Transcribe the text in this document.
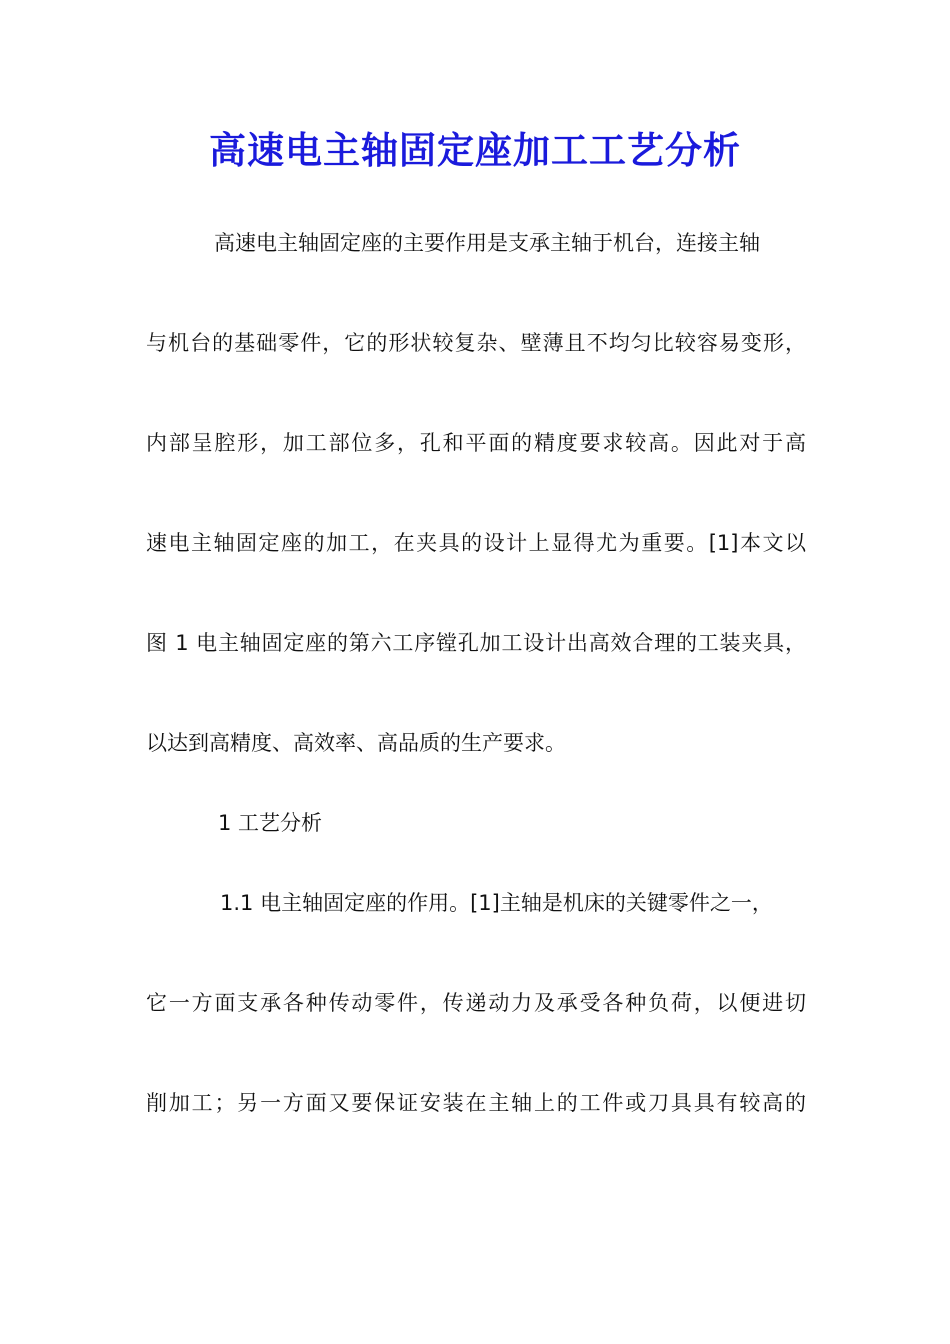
高速电主轴固定座加工工艺分析
高速电主轴固定座的主要作用是支承主轴于机台，连接主轴
与机台的基础零件，它的形状较复杂、壁薄且不均匀比较容易变形，
内部呈腔形，加工部位多，孔和平面的精度要求较高。因此对于高
速电主轴固定座的加工，在夹具的设计上显得尤为重要。[1]本文以
图 1 电主轴固定座的第六工序镗孔加工设计出高效合理的工装夹具，
以达到高精度、高效率、高品质的生产要求。
1 工艺分析
1.1 电主轴固定座的作用。[1]主轴是机床的关键零件之一，
它一方面支承各种传动零件，传递动力及承受各种负荷，以便进切
削加工；另一方面又要保证安装在主轴上的工件或刀具具有较高的
